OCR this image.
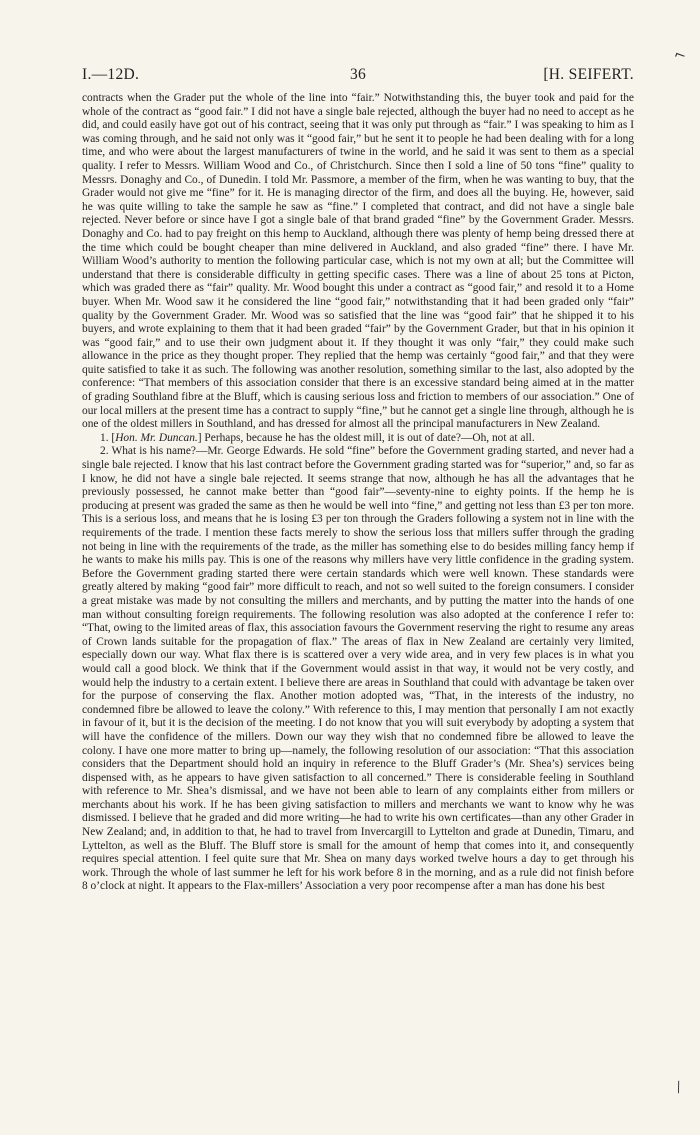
⌐
I.—12D.	36	[H. SEIFERT.

contracts when the Grader put the whole of the line into “fair.” Notwithstanding this, the buyer took and paid for the whole of the contract as “good fair.” I did not have a single bale rejected, although the buyer had no need to accept as he did, and could easily have got out of his contract, seeing that it was only put through as “fair.” I was speaking to him as I was coming through, and he said not only was it “good fair,” but he sent it to people he had been dealing with for a long time, and who were about the largest manufacturers of twine in the world, and he said it was sent to them as a special quality. I refer to Messrs. William Wood and Co., of Christchurch. Since then I sold a line of 50 tons “fine” quality to Messrs. Donaghy and Co., of Dunedin. I told Mr. Passmore, a member of the firm, when he was wanting to buy, that the Grader would not give me “fine” for it. He is managing director of the firm, and does all the buying. He, however, said he was quite willing to take the sample he saw as “fine.” I completed that contract, and did not have a single bale rejected. Never before or since have I got a single bale of that brand graded “fine” by the Government Grader. Messrs. Donaghy and Co. had to pay freight on this hemp to Auckland, although there was plenty of hemp being dressed there at the time which could be bought cheaper than mine delivered in Auckland, and also graded “fine” there. I have Mr. William Wood’s authority to mention the following particular case, which is not my own at all; but the Committee will understand that there is considerable difficulty in getting specific cases. There was a line of about 25 tons at Picton, which was graded there as “fair” quality. Mr. Wood bought this under a contract as “good fair,” and resold it to a Home buyer. When Mr. Wood saw it he considered the line “good fair,” notwithstanding that it had been graded only “fair” quality by the Government Grader. Mr. Wood was so satisfied that the line was “good fair” that he shipped it to his buyers, and wrote explaining to them that it had been graded “fair” by the Government Grader, but that in his opinion it was “good fair,” and to use their own judgment about it. If they thought it was only “fair,” they could make such allowance in the price as they thought proper. They replied that the hemp was certainly “good fair,” and that they were quite satisfied to take it as such. The following was another resolution, something similar to the last, also adopted by the conference: “That members of this association consider that there is an excessive standard being aimed at in the matter of grading Southland fibre at the Bluff, which is causing serious loss and friction to members of our association.” One of our local millers at the present time has a contract to supply “fine,” but he cannot get a single line through, although he is one of the oldest millers in Southland, and has dressed for almost all the principal manufacturers in New Zealand.

1. [Hon. Mr. Duncan.] Perhaps, because he has the oldest mill, it is out of date?—Oh, not at all.

2. What is his name?—Mr. George Edwards. He sold “fine” before the Government grading started, and never had a single bale rejected. I know that his last contract before the Government grading started was for “superior,” and, so far as I know, he did not have a single bale rejected. It seems strange that now, although he has all the advantages that he previously possessed, he cannot make better than “good fair”—seventy-nine to eighty points. If the hemp he is producing at present was graded the same as then he would be well into “fine,” and getting not less than £3 per ton more. This is a serious loss, and means that he is losing £3 per ton through the Graders following a system not in line with the requirements of the trade. I mention these facts merely to show the serious loss that millers suffer through the grading not being in line with the requirements of the trade, as the miller has something else to do besides milling fancy hemp if he wants to make his mills pay. This is one of the reasons why millers have very little confidence in the grading system. Before the Government grading started there were certain standards which were well known. These standards were greatly altered by making “good fair” more difficult to reach, and not so well suited to the foreign consumers. I consider a great mistake was made by not consulting the millers and merchants, and by putting the matter into the hands of one man without consulting foreign requirements. The following resolution was also adopted at the conference I refer to: “That, owing to the limited areas of flax, this association favours the Government reserving the right to resume any areas of Crown lands suitable for the propagation of flax.” The areas of flax in New Zealand are certainly very limited, especially down our way. What flax there is is scattered over a very wide area, and in very few places is in what you would call a good block. We think that if the Government would assist in that way, it would not be very costly, and would help the industry to a certain extent. I believe there are areas in Southland that could with advantage be taken over for the purpose of conserving the flax. Another motion adopted was, “That, in the interests of the industry, no condemned fibre be allowed to leave the colony.” With reference to this, I may mention that personally I am not exactly in favour of it, but it is the decision of the meeting. I do not know that you will suit everybody by adopting a system that will have the confidence of the millers. Down our way they wish that no condemned fibre be allowed to leave the colony. I have one more matter to bring up—namely, the following resolution of our association: “That this association considers that the Department should hold an inquiry in reference to the Bluff Grader’s (Mr. Shea’s) services being dispensed with, as he appears to have given satisfaction to all concerned.” There is considerable feeling in Southland with reference to Mr. Shea’s dismissal, and we have not been able to learn of any complaints either from millers or merchants about his work. If he has been giving satisfaction to millers and merchants we want to know why he was dismissed. I believe that he graded and did more writing—he had to write his own certificates—than any other Grader in New Zealand; and, in addition to that, he had to travel from Invercargill to Lyttelton and grade at Dunedin, Timaru, and Lyttelton, as well as the Bluff. The Bluff store is small for the amount of hemp that comes into it, and consequently requires special attention. I feel quite sure that Mr. Shea on many days worked twelve hours a day to get through his work. Through the whole of last summer he left for his work before 8 in the morning, and as a rule did not finish before 8 o’clock at night. It appears to the Flax-millers’ Association a very poor recompense after a man has done his best

⁄
